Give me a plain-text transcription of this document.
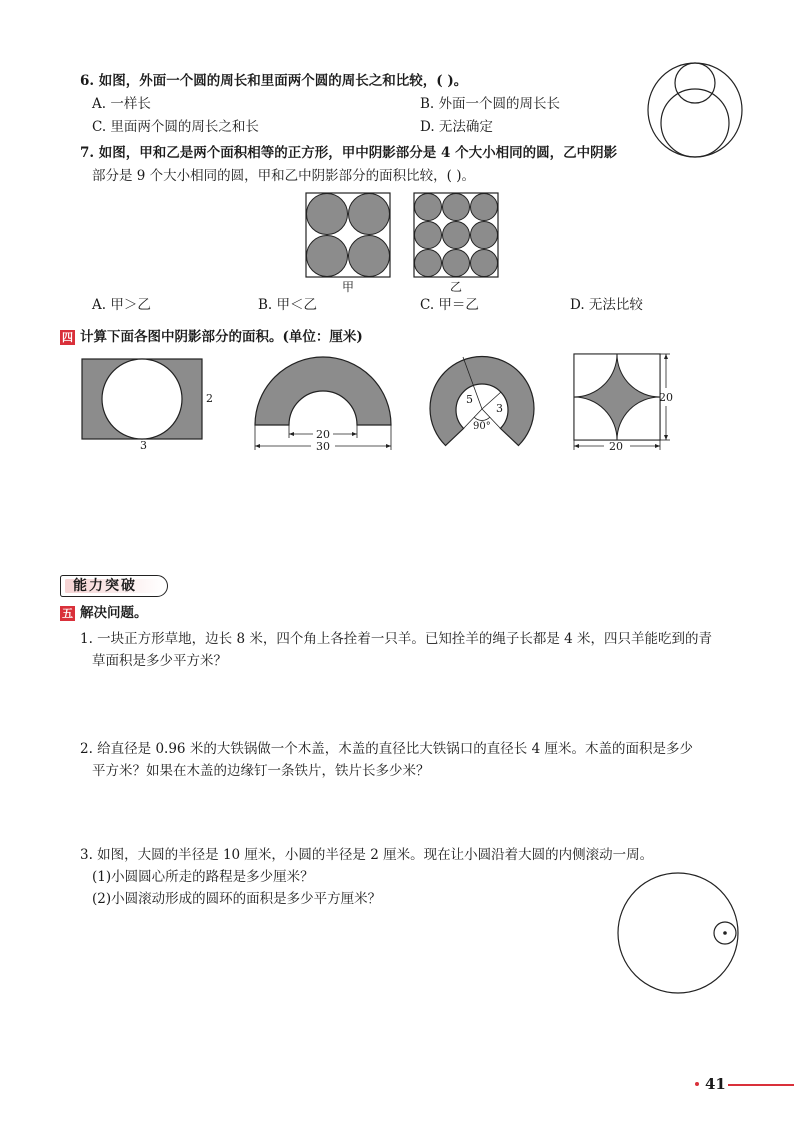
6. 如图，外面一个圆的周长和里面两个圆的周长之和比较，( )。
A. 一样长	B. 外面一个圆的周长长
C. 里面两个圆的周长之和长	D. 无法确定
7. 如图，甲和乙是两个面积相等的正方形，甲中阴影部分是 4 个大小相同的圆，乙中阴影
部分是 9 个大小相同的圆，甲和乙中阴影部分的面积比较，( )。
甲	乙
A. 甲＞乙	B. 甲＜乙	C. 甲＝乙	D. 无法比较
四 计算下面各图中阴影部分的面积。(单位：厘米)
2
3
20
30
5
3
90°
20
20
能力突破
五 解决问题。
1. 一块正方形草地，边长 8 米，四个角上各拴着一只羊。已知拴羊的绳子长都是 4 米，四只羊能吃到的青
草面积是多少平方米？
2. 给直径是 0.96 米的大铁锅做一个木盖，木盖的直径比大铁锅口的直径长 4 厘米。木盖的面积是多少
平方米？如果在木盖的边缘钉一条铁片，铁片长多少米？
3. 如图，大圆的半径是 10 厘米，小圆的半径是 2 厘米。现在让小圆沿着大圆的内侧滚动一周。
(1)小圆圆心所走的路程是多少厘米？
(2)小圆滚动形成的圆环的面积是多少平方厘米？
41
